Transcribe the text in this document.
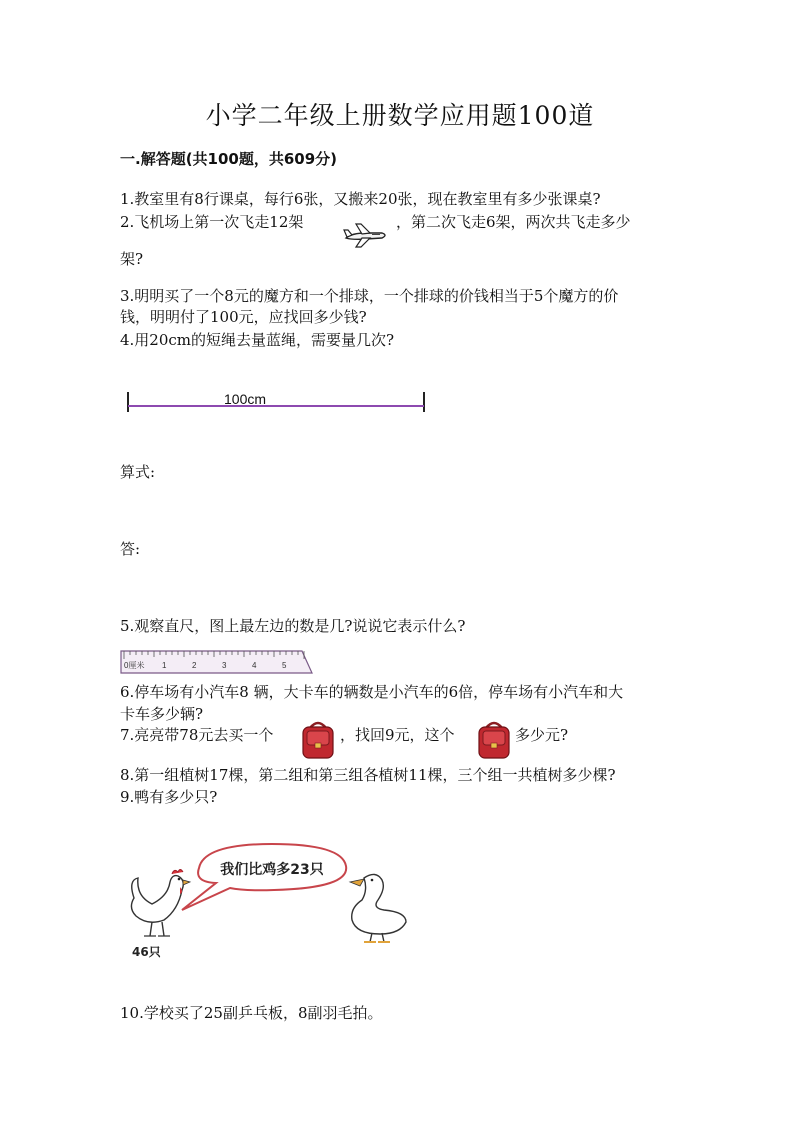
小学二年级上册数学应用题100道
一.解答题(共100题，共609分)
1.教室里有8行课桌，每行6张，又搬来20张，现在教室里有多少张课桌?
2.飞机场上第一次飞走12架	，第二次飞走6架，两次共飞走多少
架?
3.明明买了一个8元的魔方和一个排球，一个排球的价钱相当于5个魔方的价
钱，明明付了100元，应找回多少钱?
4.用20cm的短绳去量蓝绳，需要量几次?
100cm
算式:
答:
5.观察直尺，图上最左边的数是几?说说它表示什么?
0厘米 1	2	3	4	5
6.停车场有小汽车8 辆，大卡车的辆数是小汽车的6倍，停车场有小汽车和大
卡车多少辆?
7.亮亮带78元去买一个	，找回9元，这个	多少元?
8.第一组植树17棵，第二组和第三组各植树11棵，三个组一共植树多少棵?
9.鸭有多少只?
我们比鸡多23只
46只
10.学校买了25副乒乓板，8副羽毛拍。
